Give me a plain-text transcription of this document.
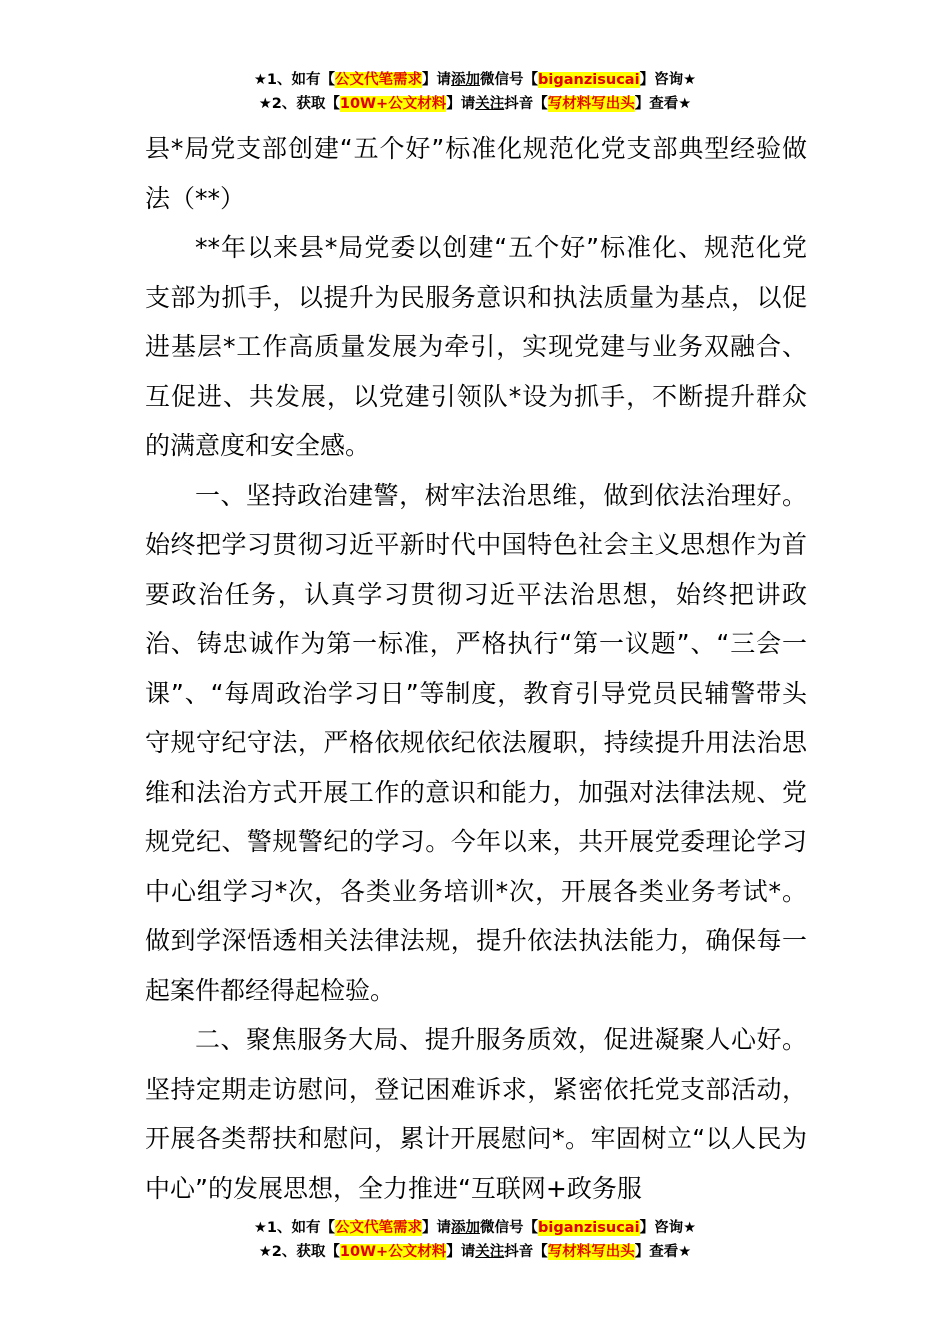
★1、如有【公文代笔需求】请添加微信号【biganzisucai】咨询★
★2、获取【10W+公文材料】请关注抖音【写材料写出头】查看★

县*局党支部创建“五个好”标准化规范化党支部典型经验做法（**）

**年以来县*局党委以创建“五个好”标准化、规范化党支部为抓手，以提升为民服务意识和执法质量为基点，以促进基层*工作高质量发展为牵引，实现党建与业务双融合、互促进、共发展，以党建引领队*设为抓手，不断提升群众的满意度和安全感。

一、坚持政治建警，树牢法治思维，做到依法治理好。始终把学习贯彻习近平新时代中国特色社会主义思想作为首要政治任务，认真学习贯彻习近平法治思想，始终把讲政治、铸忠诚作为第一标准，严格执行“第一议题”、“三会一课”、“每周政治学习日”等制度，教育引导党员民辅警带头守规守纪守法，严格依规依纪依法履职，持续提升用法治思维和法治方式开展工作的意识和能力，加强对法律法规、党规党纪、警规警纪的学习。今年以来，共开展党委理论学习中心组学习*次，各类业务培训*次，开展各类业务考试*。做到学深悟透相关法律法规，提升依法执法能力，确保每一起案件都经得起检验。

二、聚焦服务大局、提升服务质效，促进凝聚人心好。坚持定期走访慰问，登记困难诉求，紧密依托党支部活动，开展各类帮扶和慰问，累计开展慰问*。牢固树立“以人民为中心”的发展思想，全力推进“互联网+政务服

★1、如有【公文代笔需求】请添加微信号【biganzisucai】咨询★
★2、获取【10W+公文材料】请关注抖音【写材料写出头】查看★
